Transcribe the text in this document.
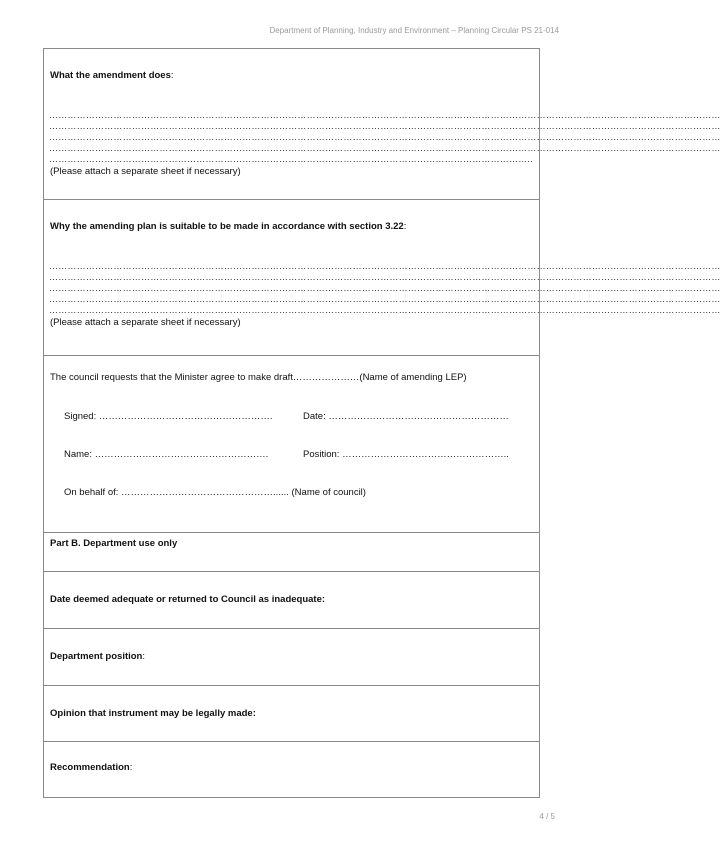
Department of Planning, Industry and Environment – Planning Circular PS 21-014
What the amendment does:
…………………………………………………………………………………………………………………………………………………………………………………………………
…………………………………………………………………………………………………………………………………………………………………………………………………
…………………………………………………………………………………………………………………………………………………………………………………………………
…………………………………………………………………………………………………………………………………………………………………………………………………
…………………………………………………………………………………………………………………………………………..
(Please attach a separate sheet if necessary)
Why the amending plan is suitable to be made in accordance with section 3.22:
…………………………………………………………………………………………………………………………………………………………………………………………………
…………………………………………………………………………………………………………………………………………………………………………………………………
…………………………………………………………………………………………………………………………………………………………………………………………………
…………………………………………………………………………………………………………………………………………………………………………………………………
…………………………………………………………………………………………………………………………………………………………………………………………………
(Please attach a separate sheet if necessary)
The council requests that the Minister agree to make draft…………………(Name of amending LEP)
Signed: ……………………………………………….	Date: …………………………………………………
Name: ……………………………………………….	Position: ……………………………………………..
On behalf of: …………………………………………...... (Name of council)
Part B. Department use only
Date deemed adequate or returned to Council as inadequate:
Department position:
Opinion that instrument may be legally made:
Recommendation:
4 / 5
